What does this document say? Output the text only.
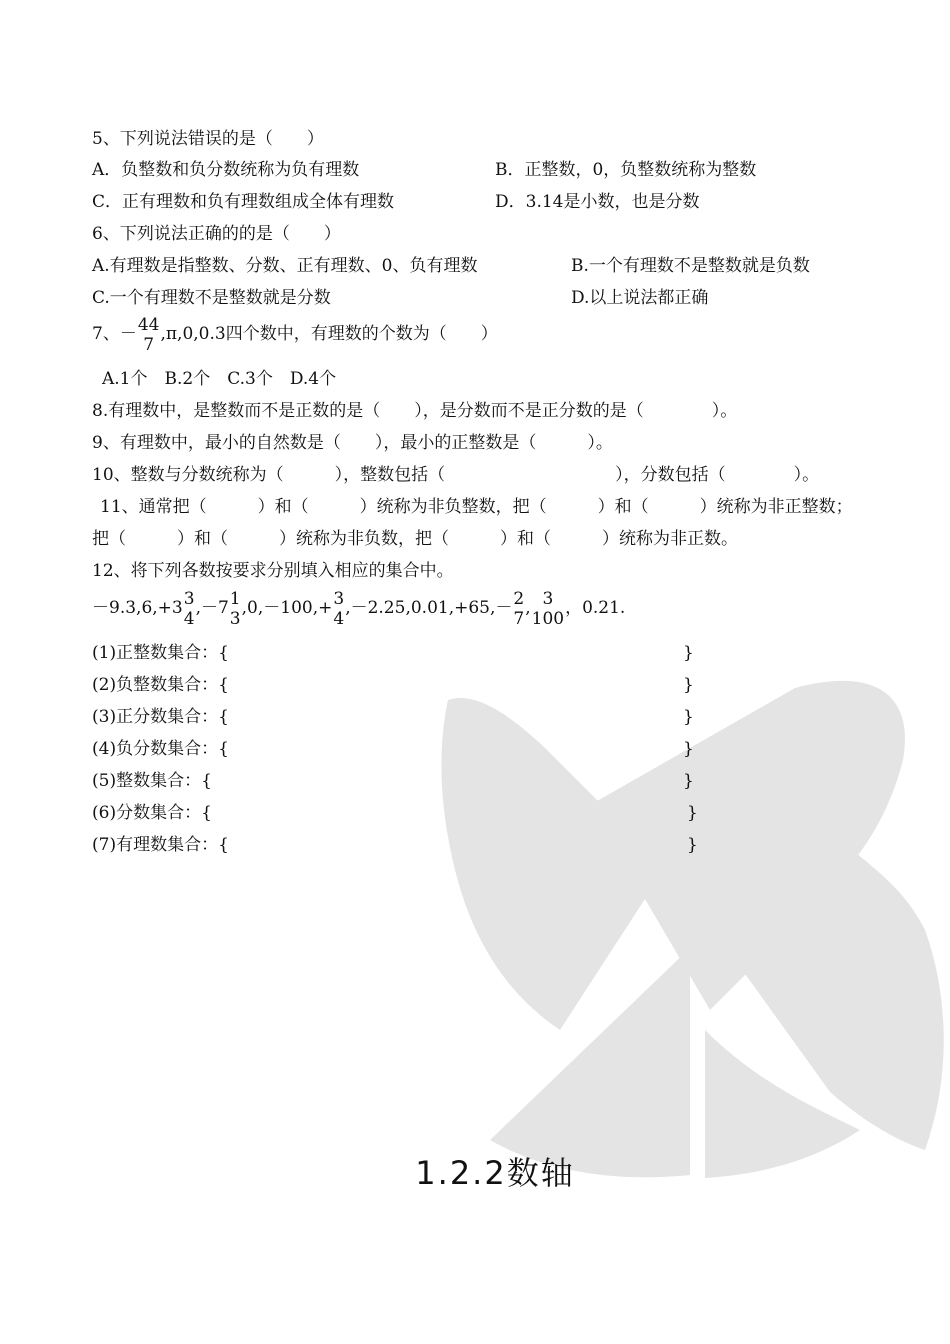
5、下列说法错误的是（　　）
A．负整数和负分数统称为负有理数	B．正整数，0，负整数统称为整数
C．正有理数和负有理数组成全体有理数	D．3.14是小数，也是分数
6、下列说法正确的的是（　　）
A.有理数是指整数、分数、正有理数、0、负有理数	B.一个有理数不是整数就是负数
C.一个有理数不是整数就是分数	D.以上说法都正确
7、－ 44
7
,π,0,0.3四个数中，有理数的个数为（　　）
A.1个　B.2个　C.3个　D.4个
8.有理数中，是整数而不是正数的是（　　），是分数而不是正分数的是（　　　　）。
9、有理数中，最小的自然数是（　　），最小的正整数是（　　　）。
10、整数与分数统称为（　　　），整数包括（　　　　　　　　　　），分数包括（　　　　）。
11、通常把（　　　）和（　　　）统称为非负整数，把（　　　）和（　　　）统称为非正整数；
把（　　　）和（　　　）统称为非负数，把（　　　）和（　　　）统称为非正数。
12、将下列各数按要求分别填入相应的集合中。
－9.3,6,+3 3
4
,－7 1
3
,0,－100,+ 3
4
,－2.25,0.01,+65,－ 2
7
, 3
100
，0.21.
(1)正整数集合：{	}
(2)负整数集合：{	}
(3)正分数集合：{	}
(4)负分数集合：{	}
(5)整数集合：{	}
(6)分数集合：{	}
(7)有理数集合：{	}
1.2.2数轴
